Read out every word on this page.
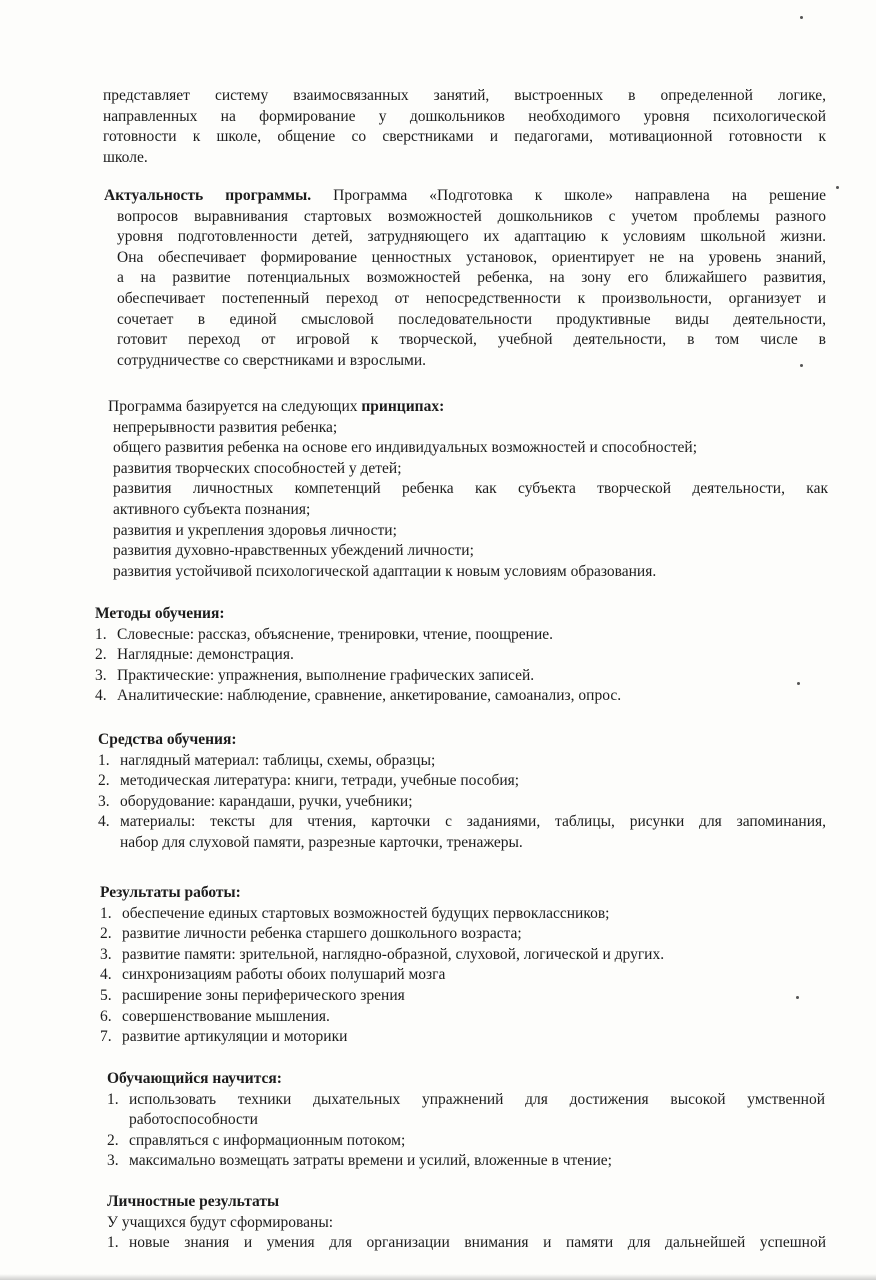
представляет систему взаимосвязанных занятий, выстроенных в определенной логике,
направленных на формирование у дошкольников необходимого уровня психологической
готовности к школе, общение со сверстниками и педагогами, мотивационной готовности к
школе.
Актуальность программы. Программа «Подготовка к школе» направлена на решение
вопросов выравнивания стартовых возможностей дошкольников с учетом проблемы разного
уровня подготовленности детей, затрудняющего их адаптацию к условиям школьной жизни.
Она обеспечивает формирование ценностных установок, ориентирует не на уровень знаний,
а на развитие потенциальных возможностей ребенка, на зону его ближайшего развития,
обеспечивает постепенный переход от непосредственности к произвольности, организует и
сочетает в единой смысловой последовательности продуктивные виды деятельности,
готовит переход от игровой к творческой, учебной деятельности, в том числе в
сотрудничестве со сверстниками и взрослыми.
Программа базируется на следующих принципах:
непрерывности развития ребенка;
общего развития ребенка на основе его индивидуальных возможностей и способностей;
развития творческих способностей у детей;
развития личностных компетенций ребенка как субъекта творческой деятельности, как
активного субъекта познания;
развития и укрепления здоровья личности;
развития духовно-нравственных убеждений личности;
развития устойчивой психологической адаптации к новым условиям образования.
Методы обучения:
1. Словесные: рассказ, объяснение, тренировки, чтение, поощрение.
2. Наглядные: демонстрация.
3. Практические: упражнения, выполнение графических записей.
4. Аналитические: наблюдение, сравнение, анкетирование, самоанализ, опрос.
Средства обучения:
1. наглядный материал: таблицы, схемы, образцы;
2. методическая литература: книги, тетради, учебные пособия;
3. оборудование: карандаши, ручки, учебники;
4. материалы: тексты для чтения, карточки с заданиями, таблицы, рисунки для запоминания,
набор для слуховой памяти, разрезные карточки, тренажеры.
Результаты работы:
1. обеспечение единых стартовых возможностей будущих первоклассников;
2. развитие личности ребенка старшего дошкольного возраста;
3. развитие памяти: зрительной, наглядно-образной, слуховой, логической и других.
4. синхронизациям работы обоих полушарий мозга
5. расширение зоны периферического зрения
6. совершенствование мышления.
7. развитие артикуляции и моторики
Обучающийся научится:
1. использовать техники дыхательных упражнений для достижения высокой умственной
работоспособности
2. справляться с информационным потоком;
3. максимально возмещать затраты времени и усилий, вложенные в чтение;
Личностные результаты
У учащихся будут сформированы:
1. новые знания и умения для организации внимания и памяти для дальнейшей успешной
